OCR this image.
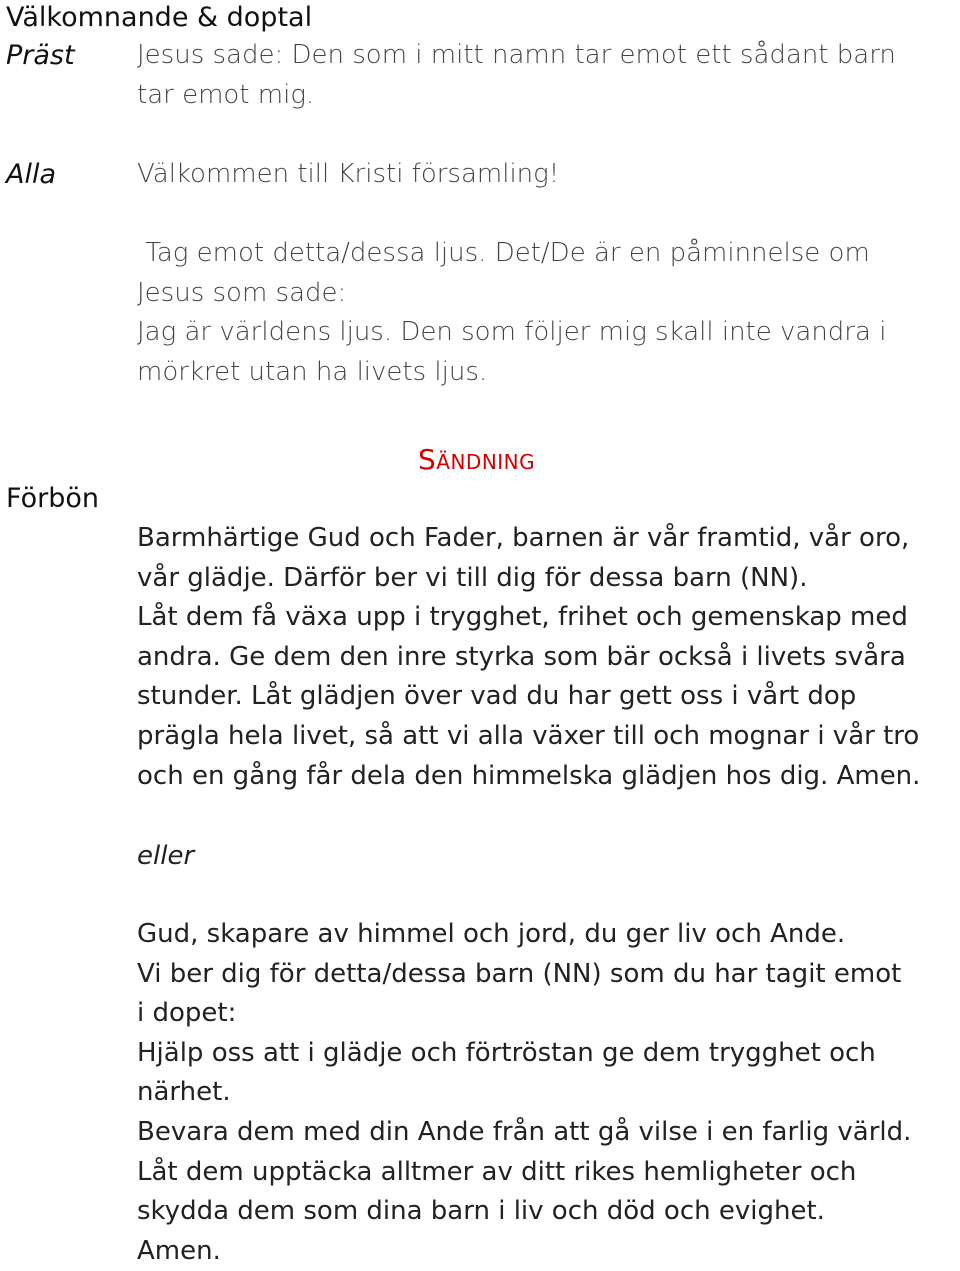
Välkomnande & doptal
Präst Jesus sade: Den som i mitt namn tar emot ett sådant barn
tar emot mig.
Alla	Välkommen till Kristi församling!
Tag emot detta/dessa ljus. Det/De är en påminnelse om
Jesus som sade:
Jag är världens ljus. Den som följer mig skall inte vandra i
mörkret utan ha livets ljus.
Sändning
Förbön
Barmhärtige Gud och Fader, barnen är vår framtid, vår oro,
vår glädje. Därför ber vi till dig för dessa barn (NN).
Låt dem få växa upp i trygghet, frihet och gemenskap med
andra. Ge dem den inre styrka som bär också i livets svåra
stunder. Låt glädjen över vad du har gett oss i vårt dop
prägla hela livet, så att vi alla växer till och mognar i vår tro
och en gång får dela den himmelska glädjen hos dig. Amen.
eller
Gud, skapare av himmel och jord, du ger liv och Ande.
Vi ber dig för detta/dessa barn (NN) som du har tagit emot
i dopet:
Hjälp oss att i glädje och förtröstan ge dem trygghet och
närhet.
Bevara dem med din Ande från att gå vilse i en farlig värld.
Låt dem upptäcka alltmer av ditt rikes hemligheter och
skydda dem som dina barn i liv och död och evighet.
Amen.
